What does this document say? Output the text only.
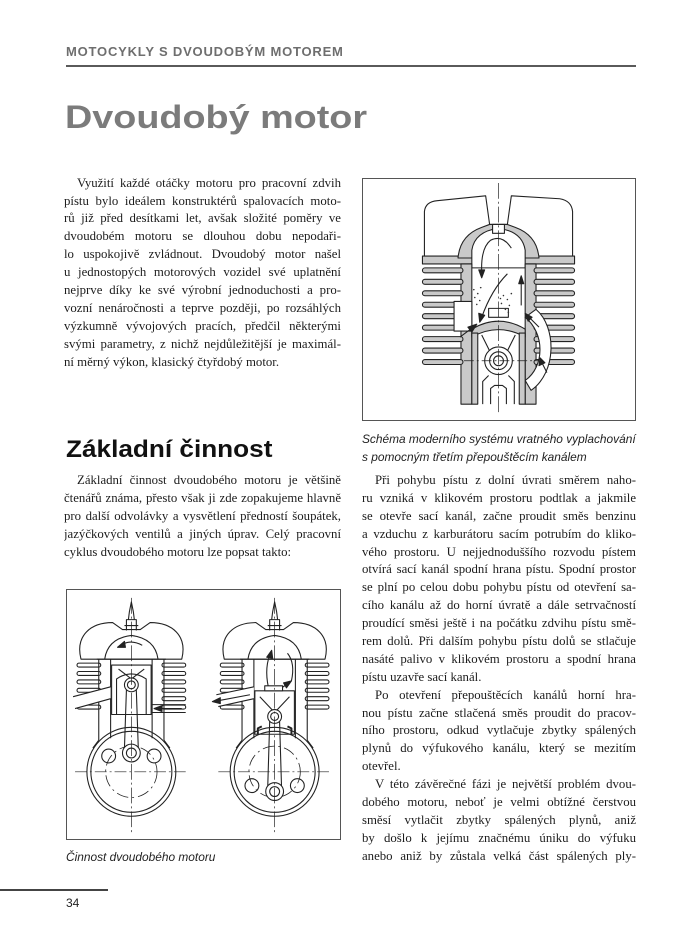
MOTOCYKLY S DVOUDOBÝM MOTOREM
Dvoudobý motor
Využití každé otáčky motoru pro pracovní zdvih
pístu bylo ideálem konstruktérů spalovacích moto-
rů již před desítkami let, avšak složité poměry ve
dvoudobém motoru se dlouhou dobu nepodaři-
lo uspokojivě zvládnout. Dvoudobý motor našel
u jednostopých motorových vozidel své uplatnění
nejprve díky ke své výrobní jednoduchosti a pro-
vozní nenáročnosti a teprve později, po rozsáhlých
výzkumně vývojových pracích, předčil některými
svými parametry, z nichž nejdůležitější je maximál-
ní měrný výkon, klasický čtyřdobý motor.
Schéma moderního systému vratného vyplachování
s pomocným třetím přepouštěcím kanálem
Základní činnost
Základní činnost dvoudobého motoru je většině
čtenářů známa, přesto však ji zde zopakujeme hlavně
pro další odvolávky a vysvětlení předností šoupátek,
jazýčkových ventilů a jiných úprav. Celý pracovní
cyklus dvoudobého motoru lze popsat takto:
Činnost dvoudobého motoru
Při pohybu pístu z dolní úvrati směrem naho-
ru vzniká v klikovém prostoru podtlak a jakmile
se otevře sací kanál, začne proudit směs benzinu
a vzduchu z karburátoru sacím potrubím do kliko-
vého prostoru. U nejjednoduššího rozvodu pístem
otvírá sací kanál spodní hrana pístu. Spodní prostor
se plní po celou dobu pohybu pístu od otevření sa-
cího kanálu až do horní úvratě a dále setrvačností
proudící směsi ještě i na počátku zdvihu pístu smě-
rem dolů. Při dalším pohybu pístu dolů se stlačuje
nasáté palivo v klikovém prostoru a spodní hrana
pístu uzavře sací kanál.
Po otevření přepouštěcích kanálů horní hra-
nou pístu začne stlačená směs proudit do pracov-
ního prostoru, odkud vytlačuje zbytky spálených
plynů do výfukového kanálu, který se mezitím
otevřel.
V této závěrečné fázi je největší problém dvou-
dobého motoru, neboť je velmi obtížné čerstvou
směsí vytlačit zbytky spálených plynů, aniž
by došlo k jejímu značnému úniku do výfuku
anebo aniž by zůstala velká část spálených ply-
34
